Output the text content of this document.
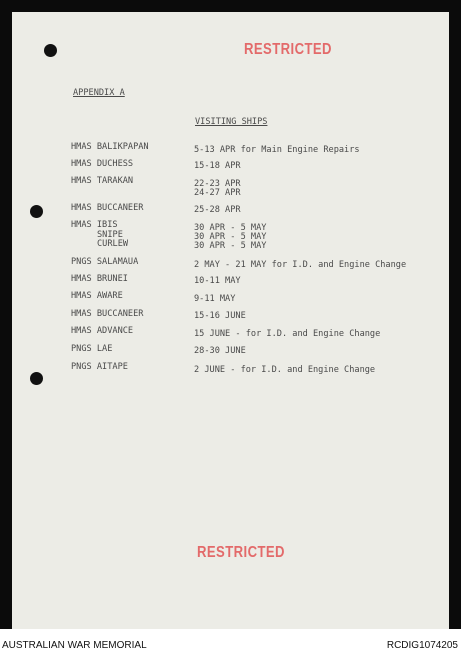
RESTRICTED
APPENDIX A
VISITING SHIPS
HMAS BALIKPAPAN	5-13 APR for Main Engine Repairs
HMAS DUCHESS	15-18 APR
HMAS TARAKAN	22-23 APR
24-27 APR
HMAS BUCCANEER	25-28 APR
HMAS IBIS	30 APR - 5 MAY
SNIPE	30 APR - 5 MAY
CURLEW	30 APR - 5 MAY
PNGS SALAMAUA	2 MAY - 21 MAY for I.D. and Engine Change
HMAS BRUNEI	10-11 MAY
HMAS AWARE	9-11 MAY
HMAS BUCCANEER	15-16 JUNE
HMAS ADVANCE	15 JUNE - for I.D. and Engine Change
PNGS LAE	28-30 JUNE
PNGS AITAPE	2 JUNE - for I.D. and Engine Change
RESTRICTED
AUSTRALIAN WAR MEMORIAL	RCDIG1074205
